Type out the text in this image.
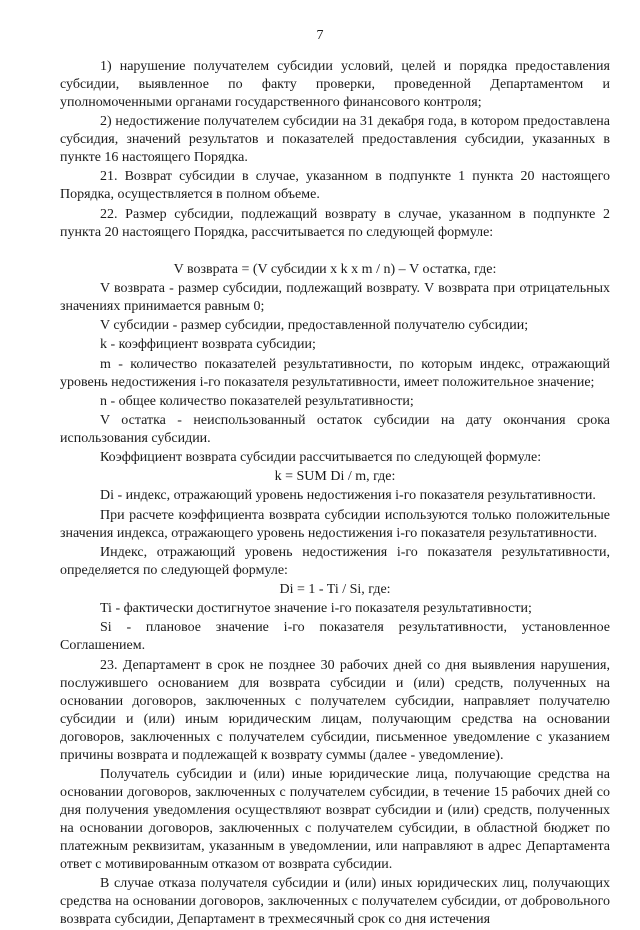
7

1) нарушение получателем субсидии условий, целей и порядка предоставления субсидии, выявленное по факту проверки, проведенной Департаментом и уполномоченными органами государственного финансового контроля;

2) недостижение получателем субсидии на 31 декабря года, в котором предоставлена субсидия, значений результатов и показателей предоставления субсидии, указанных в пункте 16 настоящего Порядка.

21. Возврат субсидии в случае, указанном в подпункте 1 пункта 20 настоящего Порядка, осуществляется в полном объеме.

22. Размер субсидии, подлежащий возврату в случае, указанном в подпункте 2 пункта 20 настоящего Порядка, рассчитывается по следующей формуле:

V возврата = (V субсидии x k x m / n) – V остатка, где:

V возврата - размер субсидии, подлежащий возврату. V возврата при отрицательных значениях принимается равным 0;

V субсидии - размер субсидии, предоставленной получателю субсидии;

k - коэффициент возврата субсидии;

m - количество показателей результативности, по которым индекс, отражающий уровень недостижения i-го показателя результативности, имеет положительное значение;

n - общее количество показателей результативности;

V остатка - неиспользованный остаток субсидии на дату окончания срока использования субсидии.

Коэффициент возврата субсидии рассчитывается по следующей формуле:

k = SUM Di / m, где:

Di - индекс, отражающий уровень недостижения i-го показателя результативности.

При расчете коэффициента возврата субсидии используются только положительные значения индекса, отражающего уровень недостижения i-го показателя результативности.

Индекс, отражающий уровень недостижения i-го показателя результативности, определяется по следующей формуле:

Di = 1 - Ti / Si, где:

Ti - фактически достигнутое значение i-го показателя результативности;

Si - плановое значение i-го показателя результативности, установленное Соглашением.

23. Департамент в срок не позднее 30 рабочих дней со дня выявления нарушения, послужившего основанием для возврата субсидии и (или) средств, полученных на основании договоров, заключенных с получателем субсидии, направляет получателю субсидии и (или) иным юридическим лицам, получающим средства на основании договоров, заключенных с получателем субсидии, письменное уведомление с указанием причины возврата и подлежащей к возврату суммы (далее - уведомление).

Получатель субсидии и (или) иные юридические лица, получающие средства на основании договоров, заключенных с получателем субсидии, в течение 15 рабочих дней со дня получения уведомления осуществляют возврат субсидии и (или) средств, полученных на основании договоров, заключенных с получателем субсидии, в областной бюджет по платежным реквизитам, указанным в уведомлении, или направляют в адрес Департамента ответ с мотивированным отказом от возврата субсидии.

В случае отказа получателя субсидии и (или) иных юридических лиц, получающих средства на основании договоров, заключенных с получателем субсидии, от добровольного возврата субсидии, Департамент в трехмесячный срок со дня истечения
